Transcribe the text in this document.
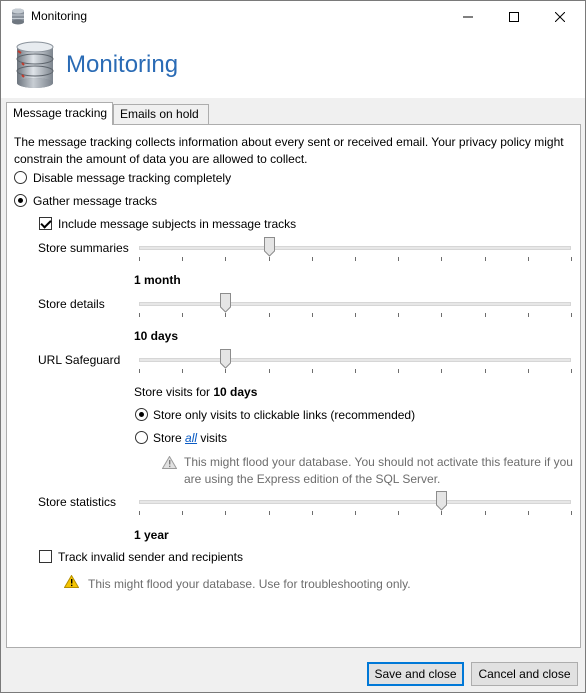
Monitoring
Monitoring
Message tracking	Emails on hold
The message tracking collects information about every sent or received email. Your privacy policy might constrain the amount of data you are allowed to collect.
Disable message tracking completely
Gather message tracks
Include message subjects in message tracks
Store summaries
1 month
Store details
10 days
URL Safeguard
Store visits for 10 days
Store only visits to clickable links (recommended)
Store all visits
This might flood your database. You should not activate this feature if you
are using the Express edition of the SQL Server.
Store statistics
1 year
Track invalid sender and recipients
This might flood your database. Use for troubleshooting only.
Save and close	Cancel and close
